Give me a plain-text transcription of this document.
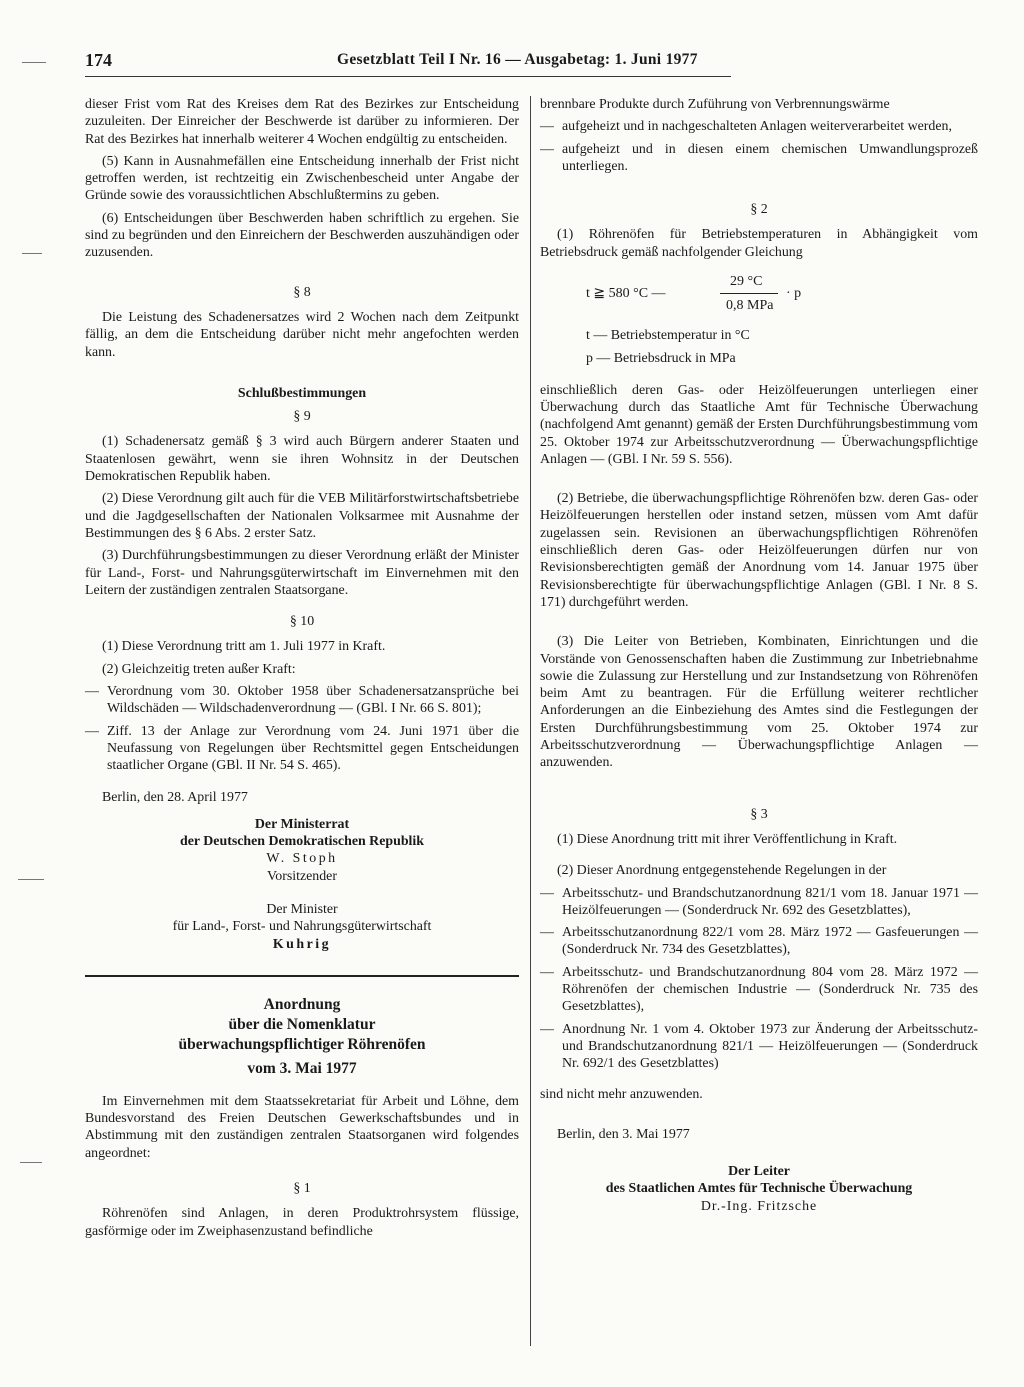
174	Gesetzblatt Teil I Nr. 16 — Ausgabetag: 1. Juni 1977

dieser Frist vom Rat des Kreises dem Rat des Bezirkes zur Entscheidung zuzuleiten. Der Einreicher der Beschwerde ist darüber zu informieren. Der Rat des Bezirkes hat innerhalb weiterer 4 Wochen endgültig zu entscheiden.

(5) Kann in Ausnahmefällen eine Entscheidung innerhalb der Frist nicht getroffen werden, ist rechtzeitig ein Zwischenbescheid unter Angabe der Gründe sowie des voraussichtlichen Abschlußtermins zu geben.

(6) Entscheidungen über Beschwerden haben schriftlich zu ergehen. Sie sind zu begründen und den Einreichern der Beschwerden auszuhändigen oder zuzusenden.

§ 8

Die Leistung des Schadenersatzes wird 2 Wochen nach dem Zeitpunkt fällig, an dem die Entscheidung darüber nicht mehr angefochten werden kann.

Schlußbestimmungen
§ 9

(1) Schadenersatz gemäß § 3 wird auch Bürgern anderer Staaten und Staatenlosen gewährt, wenn sie ihren Wohnsitz in der Deutschen Demokratischen Republik haben.

(2) Diese Verordnung gilt auch für die VEB Militärforstwirtschaftsbetriebe und die Jagdgesellschaften der Nationalen Volksarmee mit Ausnahme der Bestimmungen des § 6 Abs. 2 erster Satz.

(3) Durchführungsbestimmungen zu dieser Verordnung erläßt der Minister für Land-, Forst- und Nahrungsgüterwirtschaft im Einvernehmen mit den Leitern der zuständigen zentralen Staatsorgane.

§ 10

(1) Diese Verordnung tritt am 1. Juli 1977 in Kraft.

(2) Gleichzeitig treten außer Kraft:

— Verordnung vom 30. Oktober 1958 über Schadenersatzansprüche bei Wildschäden — Wildschadenverordnung — (GBl. I Nr. 66 S. 801);
— Ziff. 13 der Anlage zur Verordnung vom 24. Juni 1971 über die Neufassung von Regelungen über Rechtsmittel gegen Entscheidungen staatlicher Organe (GBl. II Nr. 54 S. 465).

Berlin, den 28. April 1977

Der Ministerrat
der Deutschen Demokratischen Republik
W. Stoph
Vorsitzender
Der Minister
für Land-, Forst- und Nahrungsgüterwirtschaft
Kuhrig
Anordnung
über die Nomenklatur
überwachungspflichtiger Röhrenöfen
vom 3. Mai 1977

Im Einvernehmen mit dem Staatssekretariat für Arbeit und Löhne, dem Bundesvorstand des Freien Deutschen Gewerkschaftsbundes und in Abstimmung mit den zuständigen zentralen Staatsorganen wird folgendes angeordnet:

§ 1

Röhrenöfen sind Anlagen, in deren Produktrohrsystem flüssige, gasförmige oder im Zweiphasenzustand befindliche

brennbare Produkte durch Zuführung von Verbrennungswärme

— aufgeheizt und in nachgeschalteten Anlagen weiterverarbeitet werden,
— aufgeheizt und in diesen einem chemischen Umwandlungsprozeß unterliegen.
§ 2

(1) Röhrenöfen für Betriebstemperaturen in Abhängigkeit vom Betriebsdruck gemäß nachfolgender Gleichung

t ≧ 580 °C —
29 °C
0,8 MPa
· p
t — Betriebstemperatur in °C
p — Betriebsdruck in MPa

einschließlich deren Gas- oder Heizölfeuerungen unterliegen einer Überwachung durch das Staatliche Amt für Technische Überwachung (nachfolgend Amt genannt) gemäß der Ersten Durchführungsbestimmung vom 25. Oktober 1974 zur Arbeitsschutzverordnung — Überwachungspflichtige Anlagen — (GBl. I Nr. 59 S. 556).

(2) Betriebe, die überwachungspflichtige Röhrenöfen bzw. deren Gas- oder Heizölfeuerungen herstellen oder instand setzen, müssen vom Amt dafür zugelassen sein. Revisionen an überwachungspflichtigen Röhrenöfen einschließlich deren Gas- oder Heizölfeuerungen dürfen nur von Revisionsberechtigten gemäß der Anordnung vom 14. Januar 1975 über Revisionsberechtigte für überwachungspflichtige Anlagen (GBl. I Nr. 8 S. 171) durchgeführt werden.

(3) Die Leiter von Betrieben, Kombinaten, Einrichtungen und die Vorstände von Genossenschaften haben die Zustimmung zur Inbetriebnahme sowie die Zulassung zur Herstellung und zur Instandsetzung von Röhrenöfen beim Amt zu beantragen. Für die Erfüllung weiterer rechtlicher Anforderungen an die Einbeziehung des Amtes sind die Festlegungen der Ersten Durchführungsbestimmung vom 25. Oktober 1974 zur Arbeitsschutzverordnung — Überwachungspflichtige Anlagen — anzuwenden.

§ 3

(1) Diese Anordnung tritt mit ihrer Veröffentlichung in Kraft.

(2) Dieser Anordnung entgegenstehende Regelungen in der

— Arbeitsschutz- und Brandschutzanordnung 821/1 vom 18. Januar 1971 — Heizölfeuerungen — (Sonderdruck Nr. 692 des Gesetzblattes),
— Arbeitsschutzanordnung 822/1 vom 28. März 1972 — Gasfeuerungen — (Sonderdruck Nr. 734 des Gesetzblattes),
— Arbeitsschutz- und Brandschutzanordnung 804 vom 28. März 1972 — Röhrenöfen der chemischen Industrie — (Sonderdruck Nr. 735 des Gesetzblattes),
— Anordnung Nr. 1 vom 4. Oktober 1973 zur Änderung der Arbeitsschutz- und Brandschutzanordnung 821/1 — Heizölfeuerungen — (Sonderdruck Nr. 692/1 des Gesetzblattes)

sind nicht mehr anzuwenden.

Berlin, den 3. Mai 1977

Der Leiter
des Staatlichen Amtes für Technische Überwachung
Dr.-Ing. Fritzsche
